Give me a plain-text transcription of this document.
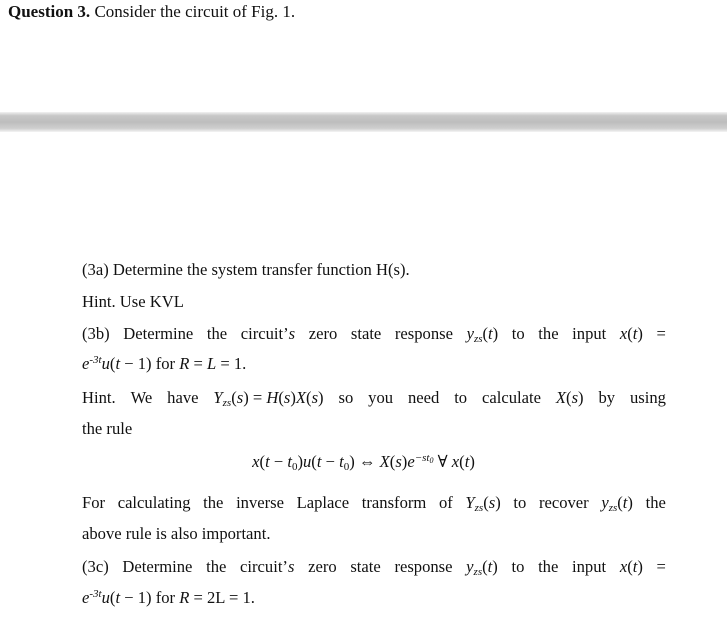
Question 3. Consider the circuit of Fig. 1.
(3a) Determine the system transfer function H(s).
Hint. Use KVL
(3b) Determine the circuit’s zero state response $y_{zs}(t)$ to the input x(t) =
$e^{-3t}u(t - 1)$ for R = L = 1.
Hint. We have $Y_{zs}(s) = H(s)X(s)$ so you need to calculate X(s) by using
the rule
x(t − t0)u(t − t0) ⇔ $X(s)e^{-st0}$ ∀ x(t)
For calculating the inverse Laplace transform of $Y_{zs}(s)$ to recover $y_{zs}(t)$ the
above rule is also important.
(3c) Determine the circuit’s zero state response $y_{zs}(t)$ to the input x(t) =
$e^{-3t}u(t - 1)$ for R = 2L = 1.
